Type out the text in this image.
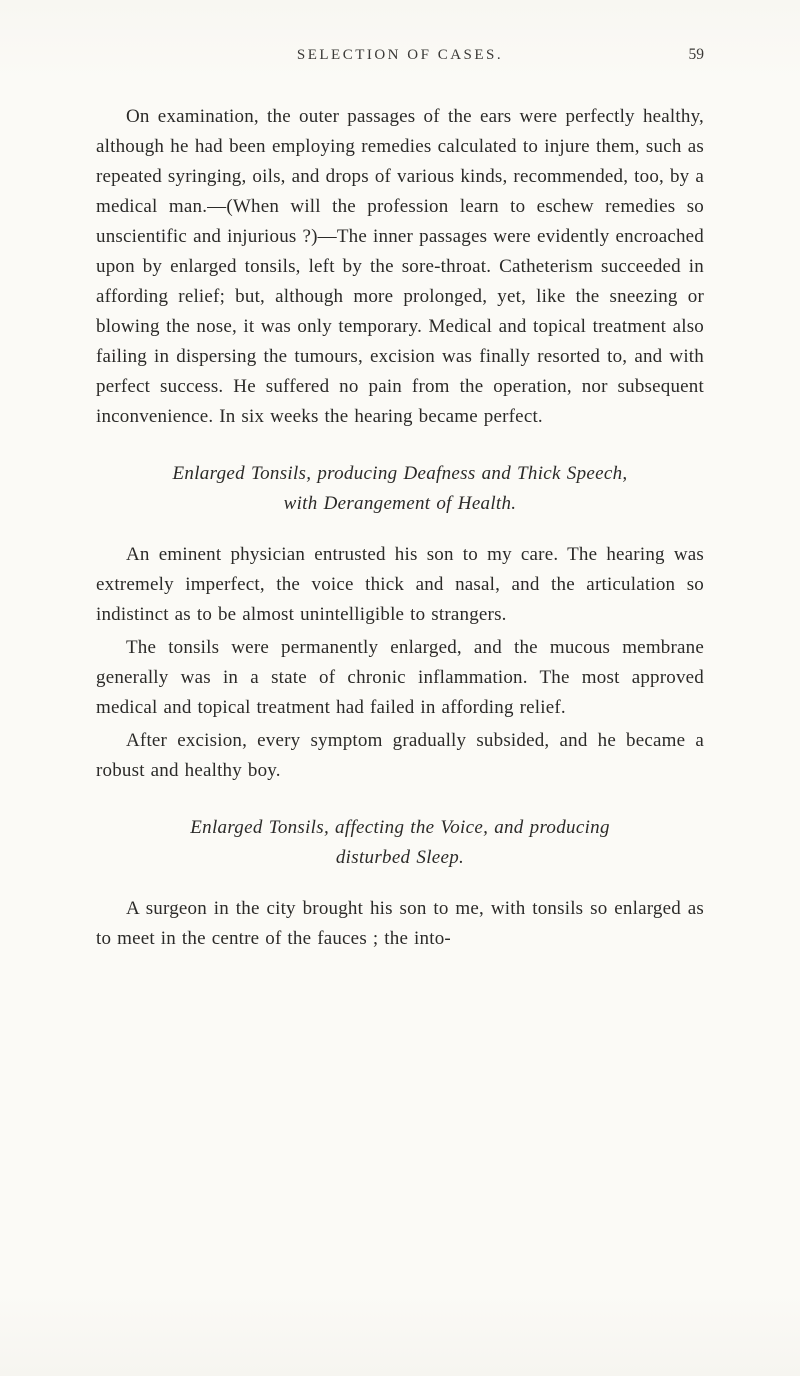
SELECTION OF CASES.	59

On examination, the outer passages of the ears were perfectly healthy, although he had been employing remedies calculated to injure them, such as repeated syringing, oils, and drops of various kinds, recommended, too, by a medical man.—(When will the profession learn to eschew remedies so unscientific and injurious ?)—The inner passages were evidently encroached upon by enlarged tonsils, left by the sore-throat. Catheterism succeeded in affording relief; but, although more prolonged, yet, like the sneezing or blowing the nose, it was only temporary. Medical and topical treatment also failing in dispersing the tumours, excision was finally resorted to, and with perfect success. He suffered no pain from the operation, nor subsequent inconvenience. In six weeks the hearing became perfect.

Enlarged Tonsils, producing Deafness and Thick Speech,
with Derangement of Health.

An eminent physician entrusted his son to my care. The hearing was extremely imperfect, the voice thick and nasal, and the articulation so indistinct as to be almost unintelligible to strangers.

The tonsils were permanently enlarged, and the mucous membrane generally was in a state of chronic inflammation. The most approved medical and topical treatment had failed in affording relief.

After excision, every symptom gradually subsided, and he became a robust and healthy boy.

Enlarged Tonsils, affecting the Voice, and producing
disturbed Sleep.

A surgeon in the city brought his son to me, with tonsils so enlarged as to meet in the centre of the fauces ; the into-
